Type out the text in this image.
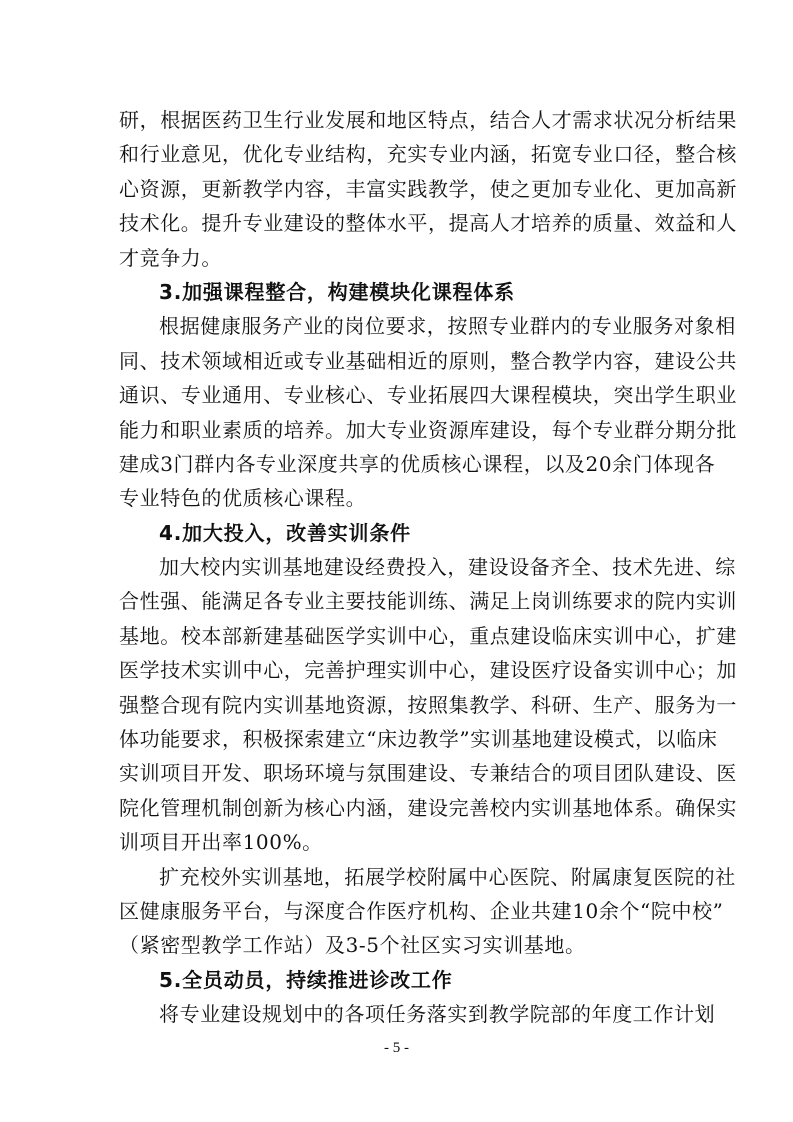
研，根据医药卫生行业发展和地区特点，结合人才需求状况分析结果
和行业意见，优化专业结构，充实专业内涵，拓宽专业口径，整合核
心资源，更新教学内容，丰富实践教学，使之更加专业化、更加高新
技术化。提升专业建设的整体水平，提高人才培养的质量、效益和人
才竞争力。
3.加强课程整合，构建模块化课程体系
根据健康服务产业的岗位要求，按照专业群内的专业服务对象相
同、技术领域相近或专业基础相近的原则，整合教学内容，建设公共
通识、专业通用、专业核心、专业拓展四大课程模块，突出学生职业
能力和职业素质的培养。加大专业资源库建设，每个专业群分期分批
建成3门群内各专业深度共享的优质核心课程，以及20余门体现各
专业特色的优质核心课程。
4.加大投入，改善实训条件
加大校内实训基地建设经费投入，建设设备齐全、技术先进、综
合性强、能满足各专业主要技能训练、满足上岗训练要求的院内实训
基地。校本部新建基础医学实训中心，重点建设临床实训中心，扩建
医学技术实训中心，完善护理实训中心，建设医疗设备实训中心；加
强整合现有院内实训基地资源，按照集教学、科研、生产、服务为一
体功能要求，积极探索建立“床边教学”实训基地建设模式，以临床
实训项目开发、职场环境与氛围建设、专兼结合的项目团队建设、医
院化管理机制创新为核心内涵，建设完善校内实训基地体系。确保实
训项目开出率100%。
扩充校外实训基地，拓展学校附属中心医院、附属康复医院的社
区健康服务平台，与深度合作医疗机构、企业共建10余个“院中校”
（紧密型教学工作站）及3-5个社区实习实训基地。
5.全员动员，持续推进诊改工作
将专业建设规划中的各项任务落实到教学院部的年度工作计划
- 5 -
